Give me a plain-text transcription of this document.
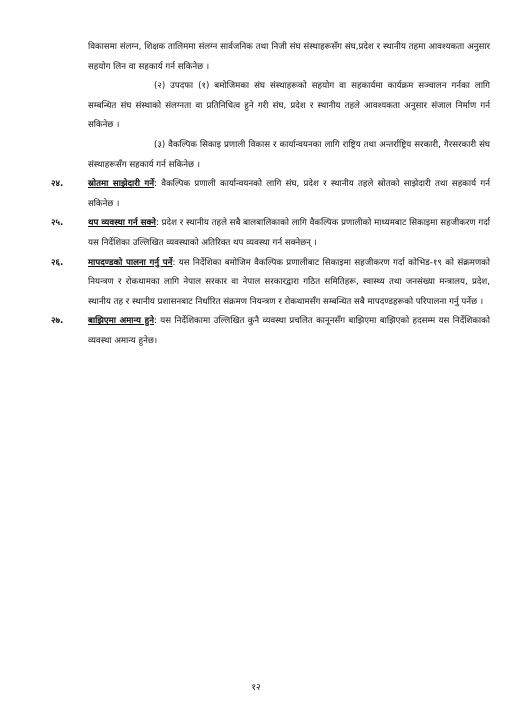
विकासमा संलग्न, शिक्षक तालिममा संलग्न सार्वजनिक तथा निजी संघ संस्थाहरूसँग संघ,प्रदेश र स्थानीय तहमा आवश्यकता अनुसार सहयोग लिन वा सहकार्य गर्न सकिनेछ ।

(२) उपदफा (१) बमोजिमका संघ संस्थाहरूको सहयोग वा सहकार्यमा कार्यक्रम सञ्चालन गर्नका लागि सम्बन्धित संघ संस्थाको संलग्नता वा प्रतिनिधित्व हुने गरी संघ, प्रदेश र स्थानीय तहले आवश्यकता अनुसार संजाल निर्माण गर्न सकिनेछ ।

(३) वैकल्पिक सिकाइ प्रणाली विकास र कार्यान्वयनका लागि राष्ट्रिय तथा अन्तर्राष्ट्रिय सरकारी, गैरसरकारी संघ संस्थाहरूसँग सहकार्य गर्न सकिनेछ ।

२४.	स्रोतमा साझेदारी गर्ने: वैकल्पिक प्रणाली कार्यान्वयनको लागि संघ, प्रदेश र स्थानीय तहले स्रोतको साझेदारी तथा सहकार्य गर्न सकिनेछ ।

२५.	थप व्यवस्था गर्न सक्ने: प्रदेश र स्थानीय तहले सबै बालबालिकाको लागि वैकल्पिक प्रणालीको माध्यमबाट सिकाइमा सहजीकरण गर्दा यस निर्देशिका उल्लिखित व्यवस्थाको अतिरिक्त थप व्यवस्था गर्न सक्नेछन् ।

२६.	मापदण्डको पालना गर्नु पर्ने: यस निर्देशिका बमोजिम वैकल्पिक प्रणालीबाट सिकाइमा सहजीकरण गर्दा कोभिड-१९ को संक्रमणको नियन्त्रण र रोकथामका लागि नेपाल सरकार वा नेपाल सरकारद्वारा गठित समितिहरू, स्वास्थ्य तथा जनसंख्या मन्त्रालय, प्रदेश, स्थानीय तह र स्थानीय प्रशासनबाट निर्धारित संक्रमण नियन्त्रण र रोकथामसँग सम्बन्धित सबै मापदण्डहरूको परिपालना गर्नु पर्नेछ ।

२७.	बाझिएमा अमान्य हुने: यस निर्देशिकामा उल्लिखित कुनै व्यवस्था प्रचलित कानूनसँग बाझिएमा बाझिएको हदसम्म यस निर्देशिकाको व्यवस्था अमान्य हुनेछ।

१२
